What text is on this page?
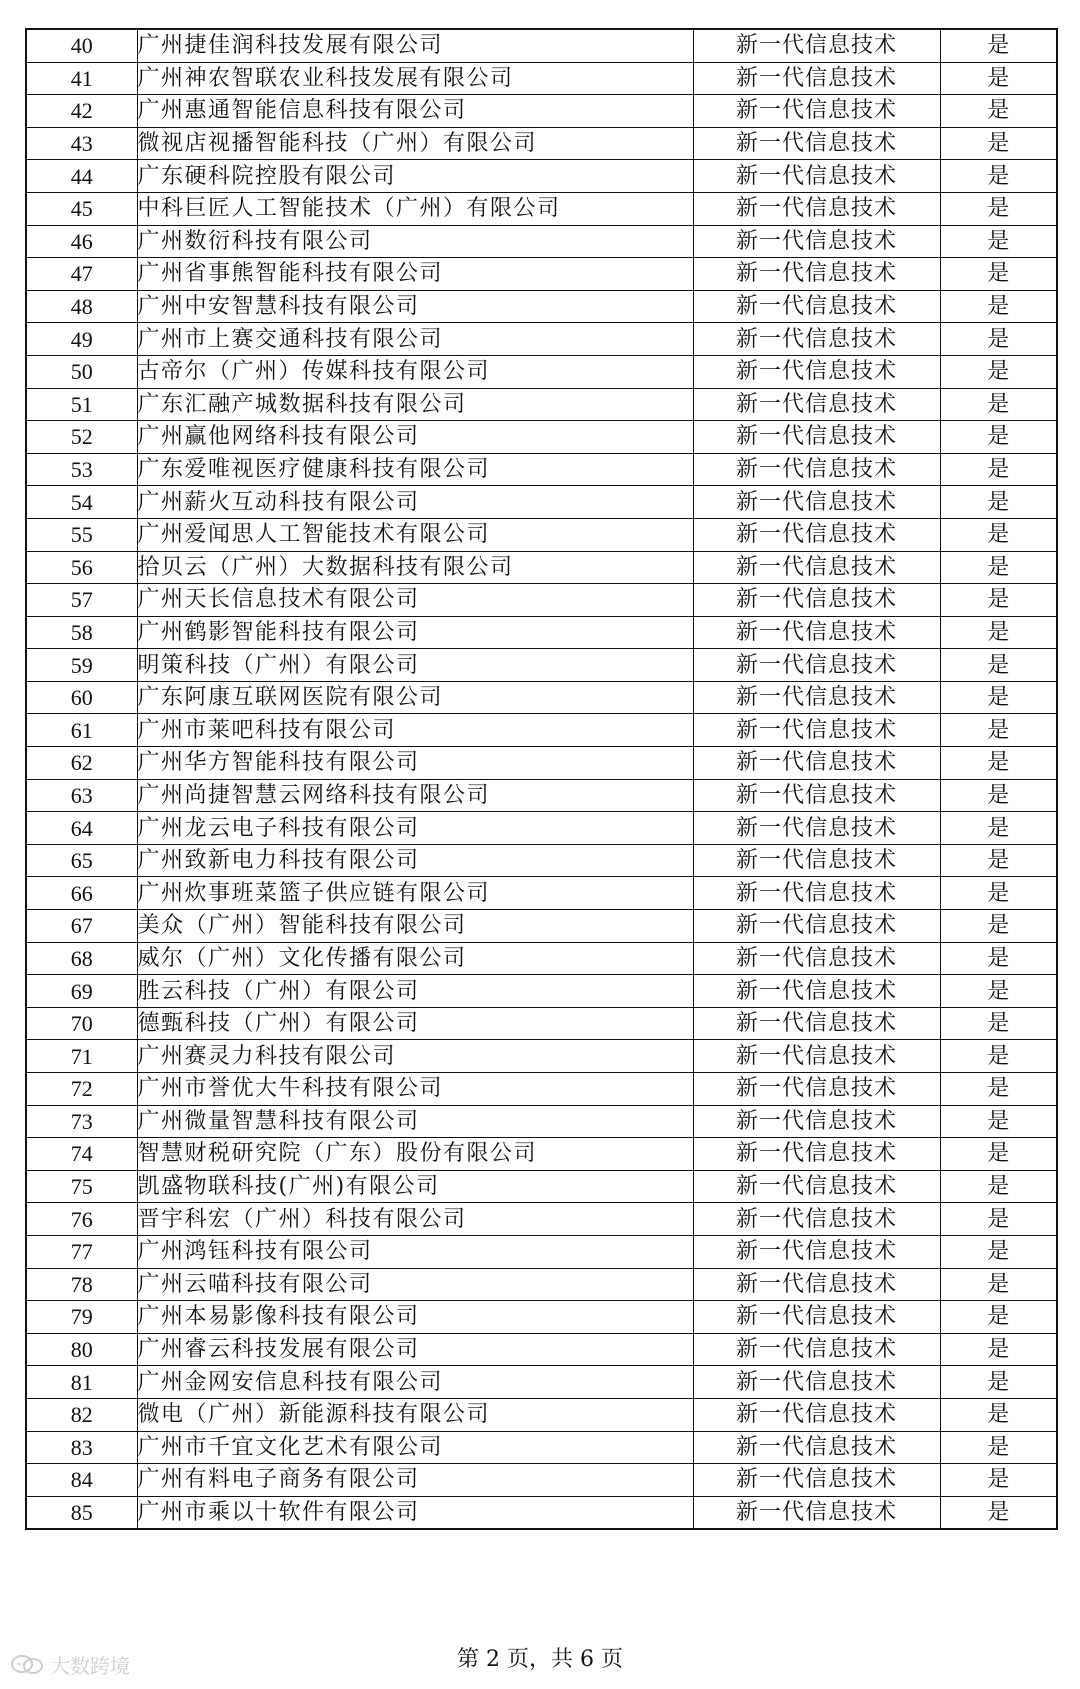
40	广州捷佳润科技发展有限公司	新一代信息技术	是
41	广州神农智联农业科技发展有限公司	新一代信息技术	是
42	广州惠通智能信息科技有限公司	新一代信息技术	是
43	微视店视播智能科技（广州）有限公司	新一代信息技术	是
44	广东硬科院控股有限公司	新一代信息技术	是
45	中科巨匠人工智能技术（广州）有限公司	新一代信息技术	是
46	广州数衍科技有限公司	新一代信息技术	是
47	广州省事熊智能科技有限公司	新一代信息技术	是
48	广州中安智慧科技有限公司	新一代信息技术	是
49	广州市上赛交通科技有限公司	新一代信息技术	是
50	古帝尔（广州）传媒科技有限公司	新一代信息技术	是
51	广东汇融产城数据科技有限公司	新一代信息技术	是
52	广州赢他网络科技有限公司	新一代信息技术	是
53	广东爱唯视医疗健康科技有限公司	新一代信息技术	是
54	广州薪火互动科技有限公司	新一代信息技术	是
55	广州爱闻思人工智能技术有限公司	新一代信息技术	是
56	拾贝云（广州）大数据科技有限公司	新一代信息技术	是
57	广州天长信息技术有限公司	新一代信息技术	是
58	广州鹤影智能科技有限公司	新一代信息技术	是
59	明策科技（广州）有限公司	新一代信息技术	是
60	广东阿康互联网医院有限公司	新一代信息技术	是
61	广州市莱吧科技有限公司	新一代信息技术	是
62	广州华方智能科技有限公司	新一代信息技术	是
63	广州尚捷智慧云网络科技有限公司	新一代信息技术	是
64	广州龙云电子科技有限公司	新一代信息技术	是
65	广州致新电力科技有限公司	新一代信息技术	是
66	广州炊事班菜篮子供应链有限公司	新一代信息技术	是
67	美众（广州）智能科技有限公司	新一代信息技术	是
68	威尔（广州）文化传播有限公司	新一代信息技术	是
69	胜云科技（广州）有限公司	新一代信息技术	是
70	德甄科技（广州）有限公司	新一代信息技术	是
71	广州赛灵力科技有限公司	新一代信息技术	是
72	广州市誉优大牛科技有限公司	新一代信息技术	是
73	广州微量智慧科技有限公司	新一代信息技术	是
74	智慧财税研究院（广东）股份有限公司	新一代信息技术	是
75	凯盛物联科技(广州)有限公司	新一代信息技术	是
76	晋宇科宏（广州）科技有限公司	新一代信息技术	是
77	广州鸿钰科技有限公司	新一代信息技术	是
78	广州云喵科技有限公司	新一代信息技术	是
79	广州本易影像科技有限公司	新一代信息技术	是
80	广州睿云科技发展有限公司	新一代信息技术	是
81	广州金网安信息科技有限公司	新一代信息技术	是
82	微电（广州）新能源科技有限公司	新一代信息技术	是
83	广州市千宜文化艺术有限公司	新一代信息技术	是
84	广州有料电子商务有限公司	新一代信息技术	是
85	广州市乘以十软件有限公司	新一代信息技术	是
第 2 页，共 6 页
大数跨境
